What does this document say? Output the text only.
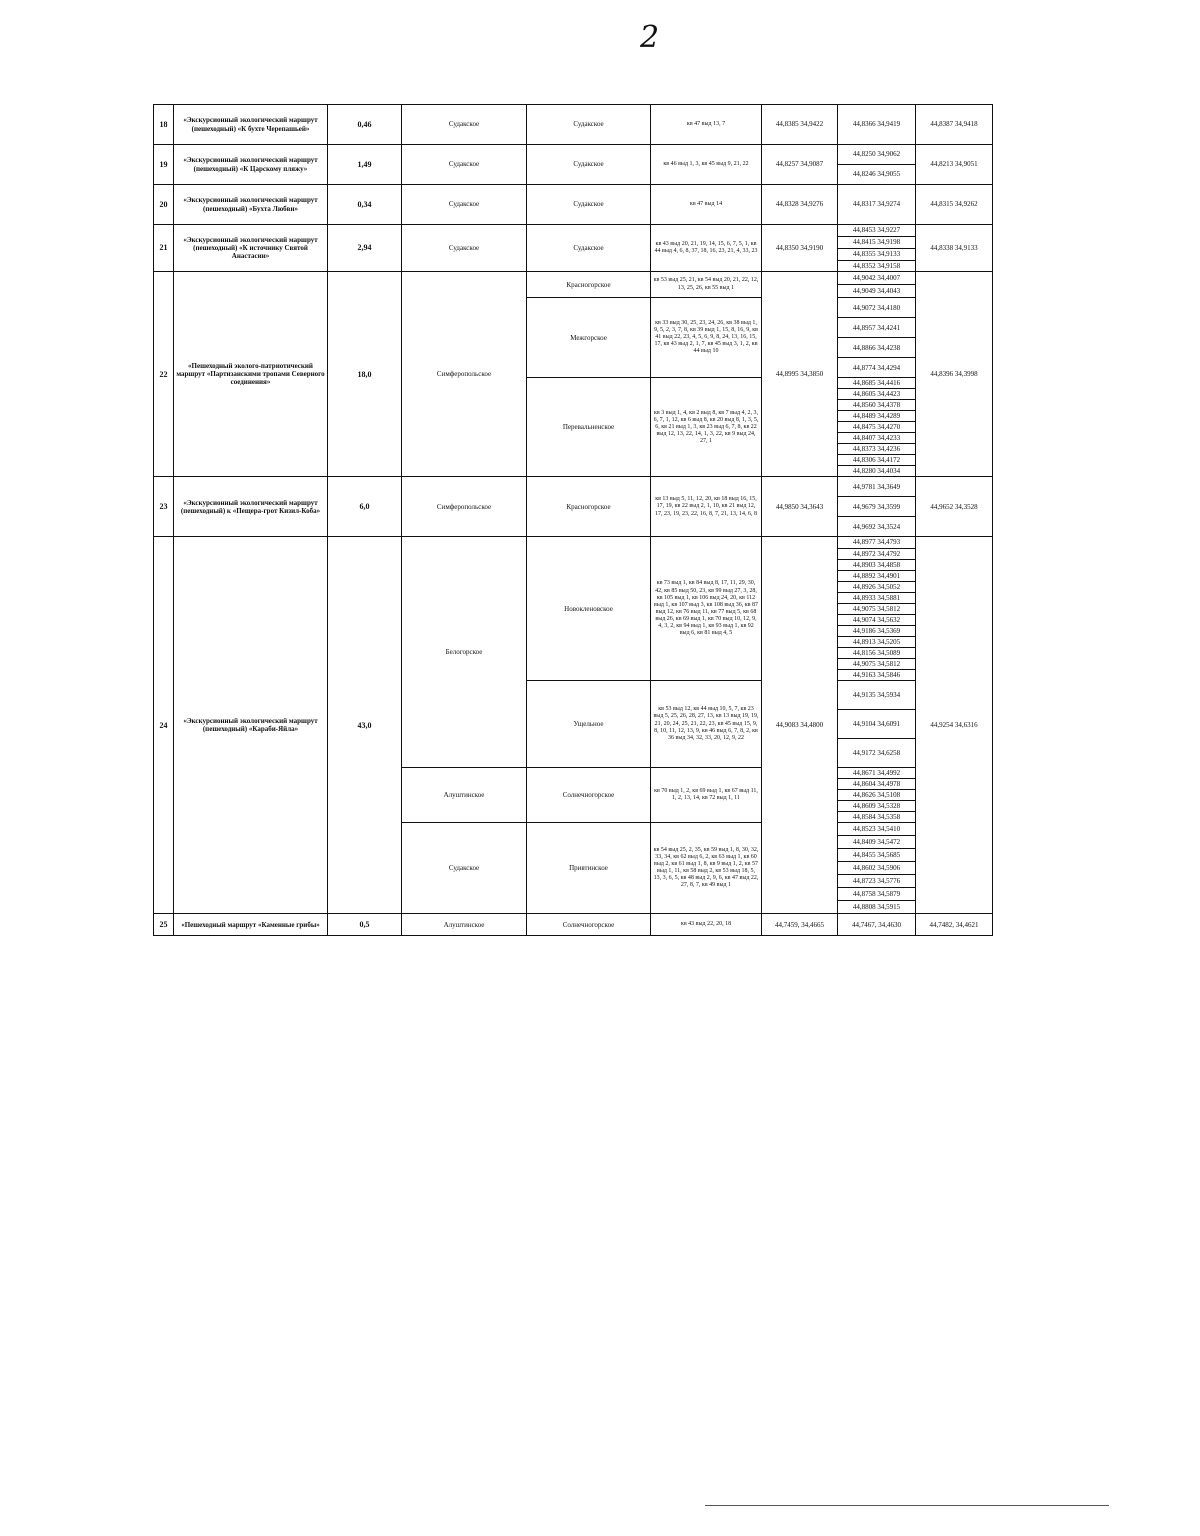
2
18	«Экскурсионный экологический маршрут (пешеходный) «К бухте Черепашьей»	0,46	Судакское	Судакское	кв 47 выд 13, 7	44,8385 34,9422	44,8366 34,9419	44,8387 34,9418
19	«Экскурсионный экологический маршрут (пешеходный) «К Царскому пляжу»	1,49	Судакское	Судакское	кв 46 выд 1, 3, кв 45 выд 9, 21, 22	44,8257 34,9087	44,8250 34,9062	44,8213 34,9051
							44,8246 34,9055	
20	«Экскурсионный экологический маршрут (пешеходный) «Бухта Любви»	0,34	Судакское	Судакское	кв 47 выд 14	44,8328 34,9276	44,8317 34,9274	44,8315 34,9262
21	«Экскурсионный экологический маршрут (пешеходный) «К источнику Святой Анастасии»	2,94	Судакское	Судакское	кв 43 выд 20, 21, 19, 14, 15, 6, 7, 5, 1, кв 44 выд 4, 6, 8, 37, 18, 16, 23, 21, 4, 33, 23	44,8350 34,9190	44,8453 34,9227	44,8338 34,9133
							44,8415 34,9198	
							44,8355 34,9133	
							44,8352 34,9158	
22	«Пешеходный эколого-патриотический маршрут «Партизанскими тропами Северного соединения»	18,0	Симферопольское	Красногорское	кв 53 выд 25, 21, кв 54 выд 20, 21, 22, 12, 13, 25, 26, кв 55 выд 1	44,8995 34,3850	44,9042 34,4007	44,8396 34,3998
							44,9049 34,4043	
				Межгорское	кв 33 выд 30, 25, 23, 24, 26, кв 38 выд 1, 9, 5, 2, 3, 7, 8, кв 39 выд 1, 15, 8, 16, 9, кв 41 выд 22, 23, 4, 5, 6, 9, 8, 24, 13, 16, 15, 17, кв 43 выд 2, 1, 7, кв 45 выд 3, 1, 2, кв 44 выд 10		44,9072 34,4180	
							44,8957 34,4241	
							44,8866 34,4238	
							44,8774 34,4294	
				Перевальненское	кв 3 выд 1, 4, кв 2 выд 8, кв 7 выд 4, 2, 3, 6, 7, 1, 12, кв 6 выд 8, кв 20 выд 8, 1, 3, 5, 6, кв 21 выд 1, 3, кв 23 выд 6, 7, 8, кв 22 выд 12, 13, 22, 14, 1, 3, 22, кв 9 выд 24, 27, 1		44,8685 34,4416	
							44,8605 34,4423	
							44,8560 34,4378	
							44,8489 34,4289	
							44,8475 34,4270	
							44,8407 34,4233	
							44,8373 34,4236	
							44,8306 34,4172	
							44,8280 34,4034	
23	«Экскурсионный экологический маршрут (пешеходный) к «Пещера-грот Кизил-Коба»	6,0	Симферопольское	Красногорское	кв 13 выд 5, 11, 12, 20, кв 18 выд 16, 15, 17, 19, кв 22 выд 2, 1, 10, кв 21 выд 12, 17, 23, 19, 23, 22, 16, 8, 7, 21, 13, 14, 6, 8	44,9850 34,3643	44,9781 34,3649	44,9652 34,3528
							44,9679 34,3599	
							44,9692 34,3524	
24	«Экскурсионный экологический маршрут (пешеходный) «Караби-Яйла»	43,0	Белогорское	Новокленовское	кв 73 выд 1, кв 84 выд 8, 17, 11, 29, 30, 42, кв 85 выд 50, 23, кв 99 выд 27, 3, 28, кв 105 выд 1, кв 106 выд 24, 20, кв 112 выд 1, кв 107 выд 3, кв 108 выд 36, кв 87 выд 12, кв 76 выд 11, кв 77 выд 5, кв 68 выд 26, кв 69 выд 1, кв 70 выд 10, 12, 9, 4, 3, 2, кв 94 выд 1, кв 93 выд 1, кв 92 выд 6, кв 81 выд 4, 5	44,9083 34,4800	44,8977 34,4793	44,9254 34,6316
							44,8972 34,4792	
							44,8903 34,4858	
							44,8892 34,4901	
							44,8926 34,5052	
							44,8933 34,5881	
							44,9075 34,5812	
							44,9074 34,5632	
							44,9186 34,5369	
							44,8913 34,5205	
							44,8156 34,5089	
							44,9075 34,5812	
							44,9163 34,5846	
				Ущельное	кв 53 выд 12, кв 44 выд 10, 5, 7, кв 23 выд 5, 25, 26, 28, 27, 13, кв 13 выд 19, 19, 21, 20, 24, 25, 21, 22, 23, кв 45 выд 15, 9, 8, 10, 11, 12, 13, 9, кв 46 выд 6, 7, 8, 2, кв 36 выд 34, 32, 33, 20, 12, 9, 22		44,9135 34,5934	
							44,9104 34,6091	
							44,9172 34,6258	
			Алуштинское	Солнечногорское	кв 70 выд 1, 2, кв 69 выд 1, кв 67 выд 11, 1, 2, 13, 14, кв 72 выд 1, 11		44,8671 34,4992	
							44,8604 34,4978	
							44,8626 34,5108	
							44,8609 34,5328	
							44,8584 34,5358	
			Судакское	Привтинское	кв 54 выд 25, 2, 35, кв 59 выд 1, 8, 30, 32, 33, 34, кв 62 выд 6, 2, кв 63 выд 1, кв 60 выд 2, кв 61 выд 1, 8, кв 9 выд 1, 2, кв 57 выд 1, 11, кв 58 выд 2, кв 53 выд 18, 5, 13, 3, 6, 5, кв 48 выд 2, 9, 6, кв 47 выд 22, 27, 8, 7, кв 49 выд 1		44,8523 34,5410	
							44,8409 34,5472	
							44,8455 34,5685	
							44,8602 34,5906	
							44,8723 34,5776	
							44,8758 34,5879	
							44,8808 34,5915	
25	«Пешеходный маршрут «Каменные грибы»	0,5	Алуштинское	Солнечногорское	кв 43 выд 22, 20, 18	44,7459, 34,4665	44,7467, 34,4630	44,7482, 34,4621
